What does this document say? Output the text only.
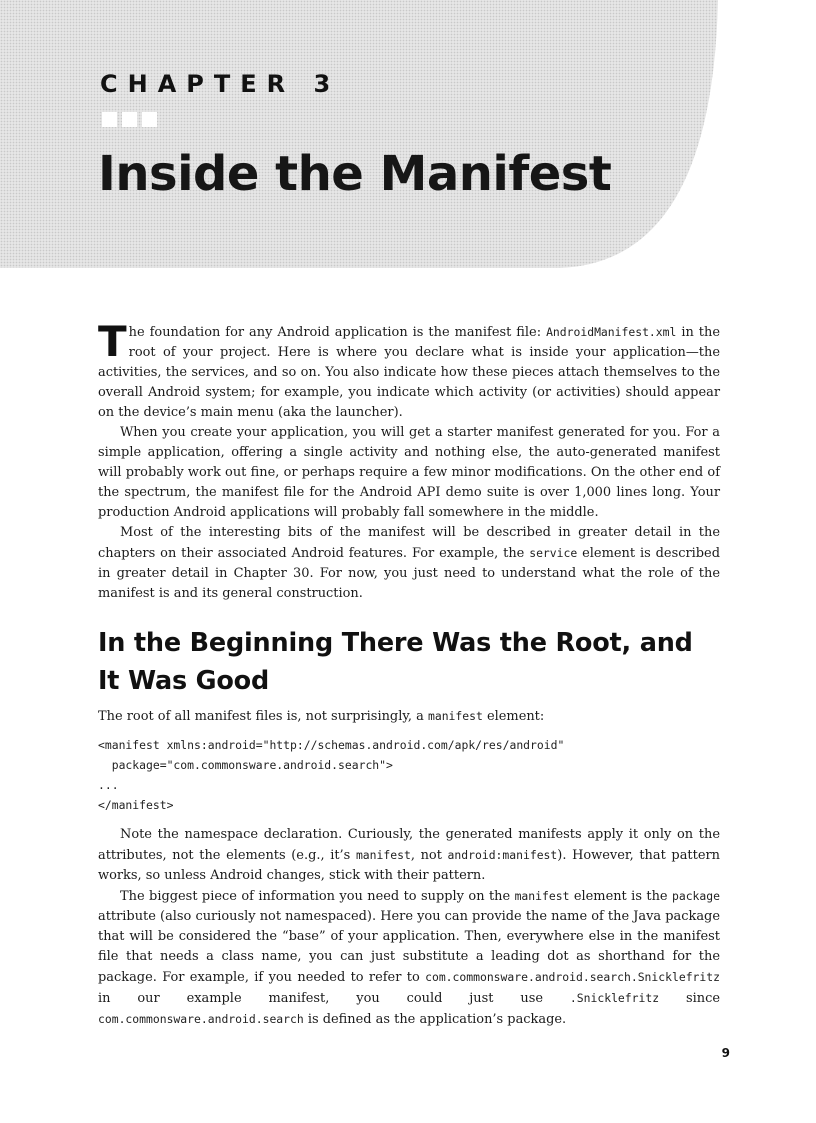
CHAPTER 3
Inside the Manifest

The foundation for any Android application is the manifest file: AndroidManifest.xml in the root of your project. Here is where you declare what is inside your application—the activities, the services, and so on. You also indicate how these pieces attach themselves to the overall Android system; for example, you indicate which activity (or activities) should appear on the device’s main menu (aka the launcher).

When you create your application, you will get a starter manifest generated for you. For a simple application, offering a single activity and nothing else, the auto-generated manifest will probably work out fine, or perhaps require a few minor modifications. On the other end of the spectrum, the manifest file for the Android API demo suite is over 1,000 lines long. Your production Android applications will probably fall somewhere in the middle.

Most of the interesting bits of the manifest will be described in greater detail in the chapters on their associated Android features. For example, the service element is described in greater detail in Chapter 30. For now, you just need to understand what the role of the manifest is and its general construction.

In the Beginning There Was the Root, and
It Was Good

The root of all manifest files is, not surprisingly, a manifest element:

<manifest xmlns:android="http://schemas.android.com/apk/res/android"
package="com.commonsware.android.search">
...
</manifest>

Note the namespace declaration. Curiously, the generated manifests apply it only on the attributes, not the elements (e.g., it’s manifest, not android:manifest). However, that pattern works, so unless Android changes, stick with their pattern.

The biggest piece of information you need to supply on the manifest element is the package attribute (also curiously not namespaced). Here you can provide the name of the Java package that will be considered the “base” of your application. Then, everywhere else in the manifest file that needs a class name, you can just substitute a leading dot as shorthand for the package. For example, if you needed to refer to com.commonsware.android.search.Snicklefritz in our example manifest, you could just use .Snicklefritz since com.commonsware.android.search is defined as the application’s package.

9
